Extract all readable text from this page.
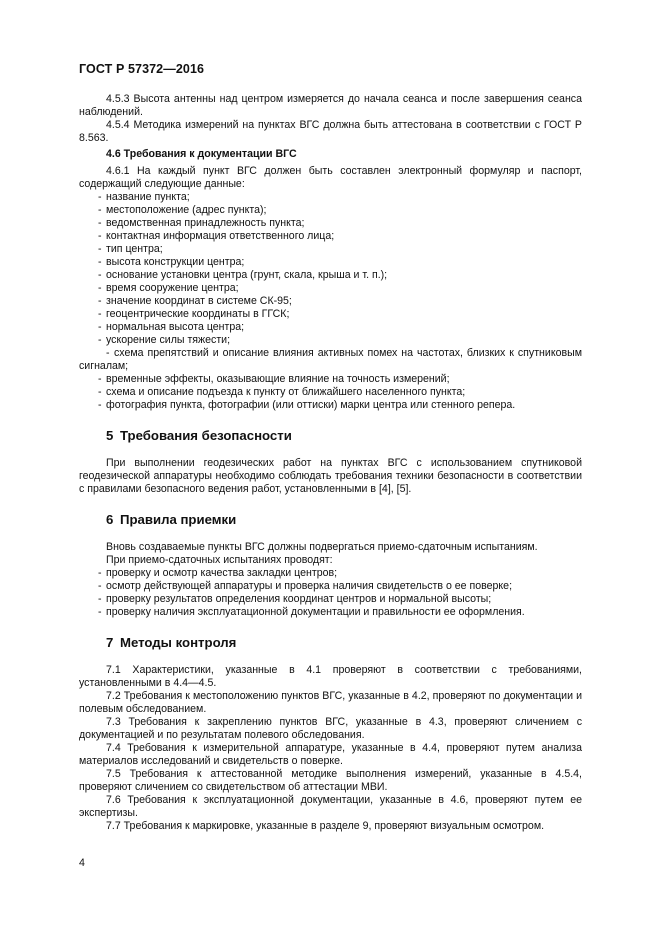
ГОСТ Р 57372—2016

4.5.3 Высота антенны над центром измеряется до начала сеанса и после завершения сеанса наблюдений.

4.5.4 Методика измерений на пунктах ВГС должна быть аттестована в соответствии с ГОСТ Р 8.563.

4.6 Требования к документации ВГС

4.6.1 На каждый пункт ВГС должен быть составлен электронный формуляр и паспорт, содержащий следующие данные:

- название пункта;
- местоположение (адрес пункта);
- ведомственная принадлежность пункта;
- контактная информация ответственного лица;
- тип центра;
- высота конструкции центра;
- основание установки центра (грунт, скала, крыша и т. п.);
- время сооружение центра;
- значение координат в системе СК-95;
- геоцентрические координаты в ГГСК;
- нормальная высота центра;
- ускорение силы тяжести;
- схема препятствий и описание влияния активных помех на частотах, близких к спутниковым сигналам;
- временные эффекты, оказывающие влияние на точность измерений;
- схема и описание подъезда к пункту от ближайшего населенного пункта;
- фотография пункта, фотографии (или оттиски) марки центра или стенного репера.
5 Требования безопасности

При выполнении геодезических работ на пунктах ВГС с использованием спутниковой геодезической аппаратуры необходимо соблюдать требования техники безопасности в соответствии с правилами безопасного ведения работ, установленными в [4], [5].

6 Правила приемки

Вновь создаваемые пункты ВГС должны подвергаться приемо-сдаточным испытаниям.

При приемо-сдаточных испытаниях проводят:

- проверку и осмотр качества закладки центров;
- осмотр действующей аппаратуры и проверка наличия свидетельств о ее поверке;
- проверку результатов определения координат центров и нормальной высоты;
- проверку наличия эксплуатационной документации и правильности ее оформления.
7 Методы контроля

7.1 Характеристики, указанные в 4.1 проверяют в соответствии с требованиями, установленными в 4.4—4.5.

7.2 Требования к местоположению пунктов ВГС, указанные в 4.2, проверяют по документации и полевым обследованием.

7.3 Требования к закреплению пунктов ВГС, указанные в 4.3, проверяют сличением с документацией и по результатам полевого обследования.

7.4 Требования к измерительной аппаратуре, указанные в 4.4, проверяют путем анализа материалов исследований и свидетельств о поверке.

7.5 Требования к аттестованной методике выполнения измерений, указанные в 4.5.4, проверяют сличением со свидетельством об аттестации МВИ.

7.6 Требования к эксплуатационной документации, указанные в 4.6, проверяют путем ее экспертизы.

7.7 Требования к маркировке, указанные в разделе 9, проверяют визуальным осмотром.

4
